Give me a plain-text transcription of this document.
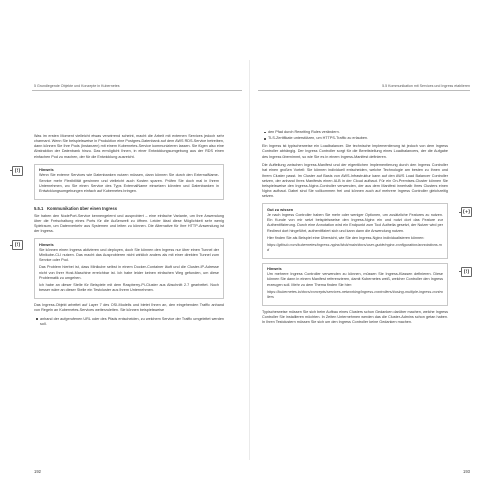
5 Grundlegende Objekte und Konzepte in Kubernetes

Was im ersten Moment vielleicht etwas verwirrend scheint, macht die Arbeit mit externen Services jedoch sehr charmant. Wenn Sie beispielsweise in Produktion eine Postgres-Datenbank auf dem AWS RDS-Service betreiben, dann können Sie Ihre Pods (Instanzen) mit einem Kubernetes-Service kommunizieren lassen. Sie fügen also eine Abstraktion der Datenbank hinzu. Das ermöglicht Ihnen, in einer Entwicklungsumgebung aus der RDS einen einfachen Pod zu machen, der für die Entwicklung ausreicht.

[!]	Hinweis

Wenn Sie externe Services wie Datenbanken nutzen müssen, dann können Sie durch den ExternalName-Service mehr Flexibilität gewinnen und vielleicht auch Kosten sparen. Prüfen Sie doch mal in Ihrem Unternehmen, wo Sie einen Service des Typs ExternalName einsetzen könnten und Datenbanken in Entwicklungsumgebungen einfach auf Kubernetes bringen.

5.5.1 Kommunikation über einen Ingress

Sie haben den NodePort-Service kennengelernt und ausprobiert – eine einfache Variante, um Ihre Anwendung über die Freischaltung eines Ports für die Außenwelt zu öffnen. Leider lässt diese Möglichkeit sehr wenig Spielraum, um Datenverkehr aus Systemen und leiten zu können. Die Alternative für Ihre HTTP-Anwendung ist der Ingress.

[!]	Hinweis

Sie können einen Ingress aktivieren und deployen, doch Sie können den Ingress nur über einen Tunnel der Minikube-CLI nutzen. Das macht das Ausprobieren nicht wirklich anders als mit einer direkten Tunnel zum Service oder Pod.

Das Problem hierbei ist, dass Minikube selbst in einem Docker-Container läuft und die Cluster-IP-Adresse nicht von Ihrer Host-Maschine erreichbar ist. Ich habe leider keinen einfachen Weg gefunden, um diese Problematik zu umgehen.

Ich habe an dieser Stelle für Beispiele mit dem Raspberry-Pi-Cluster aus Abschnitt 2.7 gearbeitet. Noch besser wäre an dieser Stelle ein Testcluster aus Ihrem Unternehmen.

Das Ingress-Objekt arbeitet auf Layer 7 des OSI-Modells und bietet Ihnen an, den eingehenden Traffic anhand von Regeln an Kubernetes-Services weiterzuleiten. Sie können beispielsweise

anhand der aufgerufenen URL oder des Pfads entscheiden, zu welchem Service der Traffic umgeleitet werden soll.
192
5.5 Kommunikation mit Services und Ingress etablieren
den Pfad durch Rewriting Rules verändern.
TLS-Zertifikate unterstützen, um HTTPS-Traffic zu erlauben.

Ein Ingress ist typischerweise ein Loadbalancer. Die technische Implementierung ist jedoch von dem Ingress Controller abhängig. Der Ingress Controller sorgt für die Bereitstellung eines Loadbalancers, der die Aufgabe des Ingress übernimmt, so wie Sie es in einem Ingress-Manifest definieren.

Die Aufteilung zwischen Ingress-Manifest und der eigentlichen Implementierung durch den Ingress Controller hat einen großen Vorteil: Sie können individuell entscheiden, welche Technologie am besten zu Ihnen und Ihrem Cluster passt. Im Cluster auf Basis von AWS-Infrastruktur kann auf den AWS Load Balancer Controller setzen, der anhand Ihres Manifests einen ALB in der Cloud aufbaut. Für ein On-Premises-Cluster können Sie beispielsweise den Ingress-Nginx-Controller verwenden, der aus dem Manifest innerhalb Ihres Clusters einen Nginx aufbaut. Dabei sind Sie vollkommen frei und können auch auf mehrere Ingress Controller gleichzeitig setzen.

[+]
Gut zu wissen

Je nach Ingress Controller haben Sie mehr oder weniger Optionen, um zusätzliche Features zu nutzen. Ein Kunde von mir setzt beispielsweise den Ingress-Nginx ein und nutzt dort das Feature zur Authentifizierung. Durch eine Annotation wird ein Endpunkt zum Tool Authelia gesetzt, der Nutzer wird per Redirect dort hingeführt, authentifiziert sich und kann dann die Anwendung nutzen.

Hier finden Sie als Beispiel eine Übersicht, wie Sie den Ingress-Nginx individualisieren können:

https://github.com/kubernetes/ingress-nginx/blob/main/docs/user-guide/nginx-configuration/annotations.md

[!]
Hinweis

Um mehrere Ingress Controller verwenden zu können, müssen Sie Ingress-Klassen definieren. Diese können Sie dann in einem Manifest referenzieren, damit Kubernetes weiß, welcher Controller den Ingress erzeugen soll. Mehr zu dem Thema finden Sie hier:

https://kubernetes.io/docs/concepts/services-networking/ingress-controllers/#using-multiple-ingress-controllers

Typischerweise müssen Sie sich beim Aufbau eines Clusters schon Gedanken darüber machen, welche Ingress Controller Sie installieren möchten. In Zeiten Unternehmen werden das die Cluster-Admins schon getan haben. In Ihren Testclustern müssen Sie sich um den Ingress Controller keine Gedanken machen.

193
